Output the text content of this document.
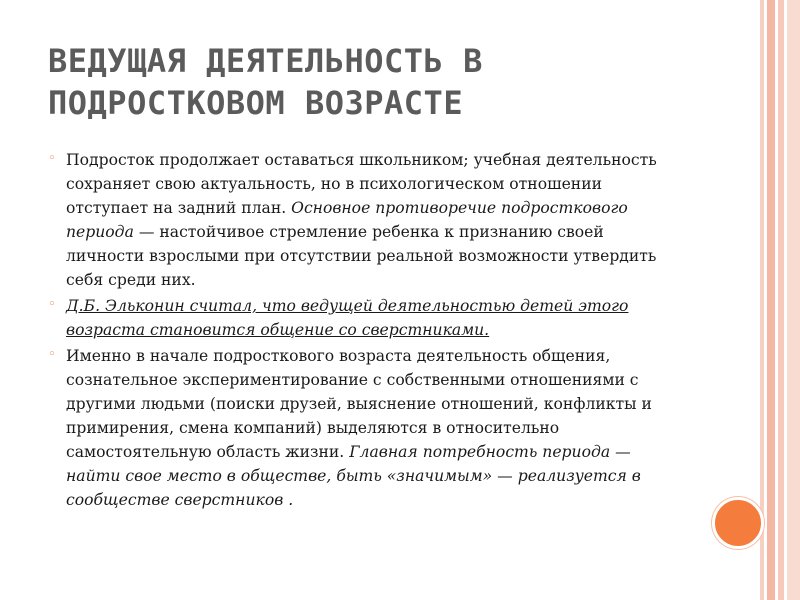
ВЕДУЩАЯ ДЕЯТЕЛЬНОСТЬ В ПОДРОСТКОВОМ ВОЗРАСТЕ
◦ Подросток продолжает оставаться школьником; учебная деятельность сохраняет свою актуальность, но в психологическом отношении отступает на задний план. Основное противоречие подросткового периода — настойчивое стремление ребенка к признанию своей личности взрослыми при отсутствии реальной возможности утвердить себя среди них.
◦ Д.Б. Эльконин считал, что ведущей деятельностью детей этого возраста становится общение со сверстниками.
◦ Именно в начале подросткового возраста деятельность общения, сознательное экспериментирование с собственными отношениями с другими людьми (поиски друзей, выяснение отношений, конфликты и примирения, смена компаний) выделяются в относительно самостоятельную область жизни. Главная потребность периода — найти свое место в обществе, быть «значимым» — реализуется в сообществе сверстников .
